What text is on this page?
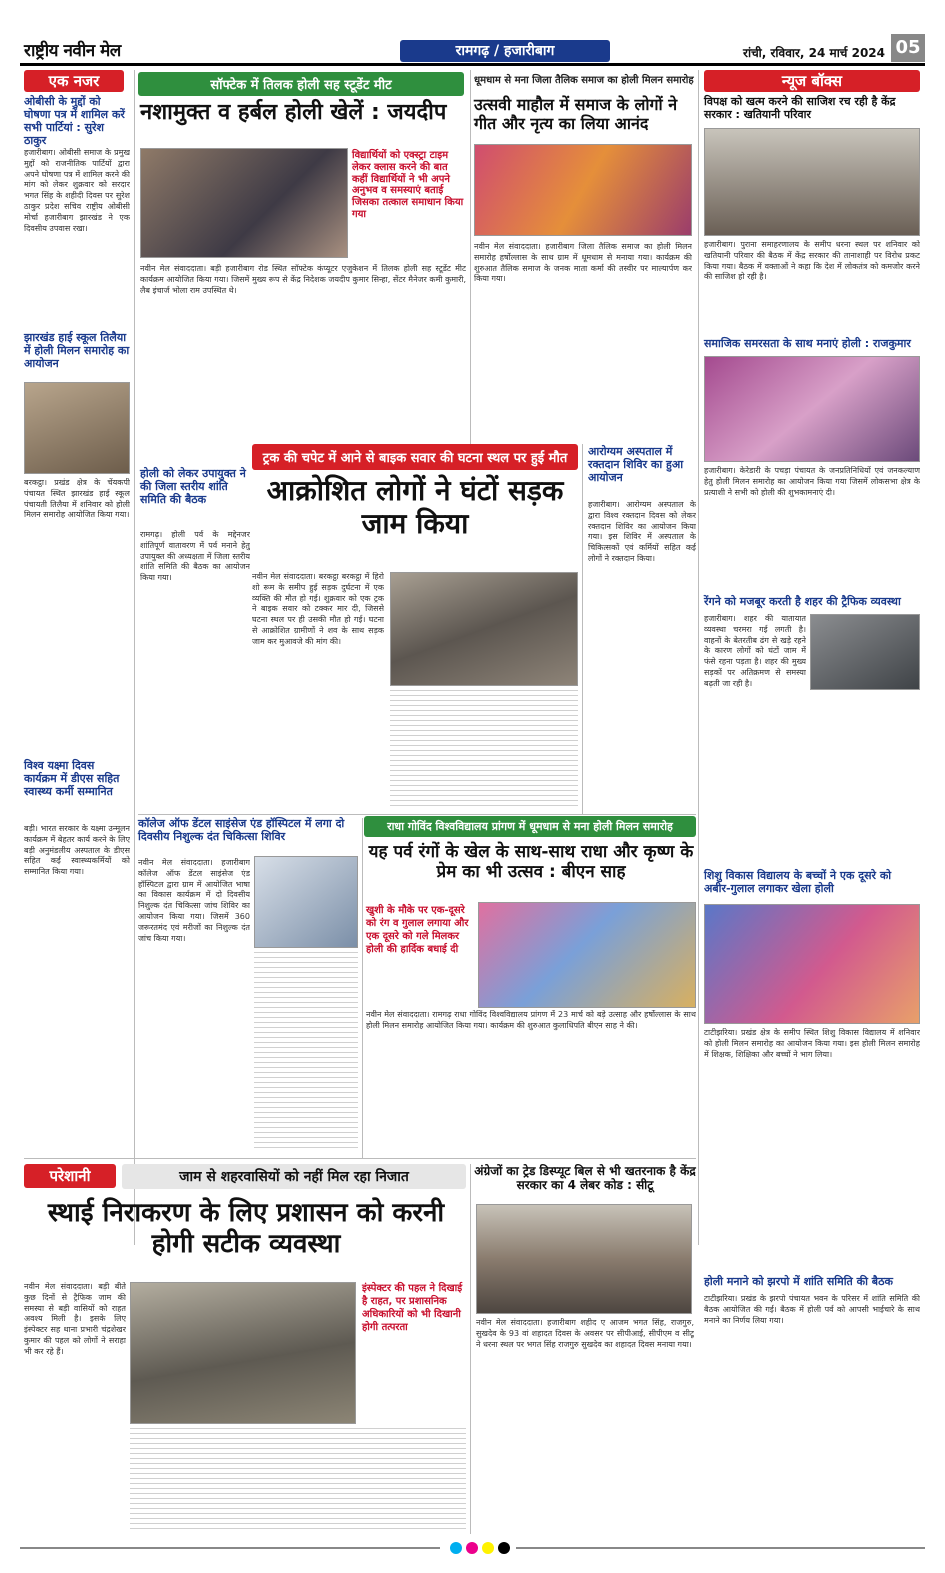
राष्ट्रीय नवीन मेल	रामगढ़ / हजारीबाग	रांची, रविवार, 24 मार्च 2024 05
एक नजर
ओबीसी के मुद्दों को घोषणा पत्र में शामिल करें सभी पार्टियां : सुरेश ठाकुर
हजारीबाग। ओबीसी समाज के प्रमुख मुद्दों को राजनीतिक पार्टियों द्वारा अपने घोषणा पत्र में शामिल करने की मांग को लेकर शुक्रवार को सरदार भगत सिंह के शहीदी दिवस पर सुरेश ठाकुर प्रदेश सचिव राष्ट्रीय ओबीसी मोर्चा हजारीबाग झारखंड ने एक दिवसीय उपवास रखा।
झारखंड हाई स्कूल तिलैया में होली मिलन समारोह का आयोजन
बरकट्ठा। प्रखंड क्षेत्र के चेंयकपी पंचायत स्थित झारखंड हाई स्कूल पंचायती तिलैया में शनिवार को होली मिलन समारोह आयोजित किया गया।
होली को लेकर उपायुक्त ने की जिला स्तरीय शांति समिति की बैठक
रामगढ़। होली पर्व के मद्देनजर शांतिपूर्ण वातावरण में पर्व मनाने हेतु उपायुक्त की अध्यक्षता में जिला स्तरीय शांति समिति की बैठक का आयोजन किया गया।
विश्व यक्ष्मा दिवस कार्यक्रम में डीएस सहित स्वास्थ्य कर्मी सम्मानित
बड़ी। भारत सरकार के यक्ष्मा उन्मूलन कार्यक्रम में बेहतर कार्य करने के लिए बड़ी अनुमंडलीय अस्पताल के डीएस सहित कई स्वास्थ्यकर्मियों को सम्मानित किया गया।
सॉफ्टेक में तिलक होली सह स्टूडेंट मीट
नशामुक्त व हर्बल होली खेलें : जयदीप
विद्यार्थियों को एक्स्ट्रा टाइम लेकर क्लास करने की बात कहीं विद्यार्थियों ने भी अपने अनुभव व समस्याएं बताई जिसका तत्काल समाधान किया गया
नवीन मेल संवाददाता। बड़ी हजारीबाग रोड स्थित सॉफ्टेक कंप्यूटर एजुकेशन में तिलक होली सह स्टूडेंट मीट कार्यक्रम आयोजित किया गया। जिसमें मुख्य रूप से केंद्र निदेशक जयदीप कुमार सिन्हा, सेंटर मैनेजर कमी कुमारी, लैब इंचार्ज भोला राम उपस्थित थे।
धूमधाम से मना जिला तैलिक समाज का होली मिलन समारोह
उत्सवी माहौल में समाज के लोगों ने गीत और नृत्य का लिया आनंद
नवीन मेल संवाददाता। हजारीबाग जिला तैलिक समाज का होली मिलन समारोह हर्षोल्लास के साथ ग्राम में धूमधाम से मनाया गया। कार्यक्रम की शुरुआत तैलिक समाज के जनक माता कर्मा की तस्वीर पर माल्यार्पण कर किया गया।
न्यूज बॉक्स
विपक्ष को खत्म करने की साजिश रच रही है केंद्र सरकार : खतियानी परिवार
हजारीबाग। पुराना समाहरणालय के समीप धरना स्थल पर शनिवार को खतियानी परिवार की बैठक में केंद्र सरकार की तानाशाही पर विरोध प्रकट किया गया। बैठक में वक्ताओं ने कहा कि देश में लोकतंत्र को कमजोर करने की साजिश हो रही है।
समाजिक समरसता के साथ मनाएं होली : राजकुमार
हजारीबाग। केरेडारी के पचड़ा पंचायत के जनप्रतिनिधियों एवं जनकल्याण हेतु होली मिलन समारोह का आयोजन किया गया जिसमें लोकसभा क्षेत्र के प्रत्याशी ने सभी को होली की शुभकामनाएं दी।
रेंगने को मजबूर करती है शहर की ट्रैफिक व्यवस्था
हजारीबाग। शहर की यातायात व्यवस्था चरमरा गई लगती है। वाहनों के बेतरतीब ढंग से खड़े रहने के कारण लोगों को घंटों जाम में फंसे रहना पड़ता है। शहर की मुख्य सड़कों पर अतिक्रमण से समस्या बढ़ती जा रही है।
शिशु विकास विद्यालय के बच्चों ने एक दूसरे को अबीर-गुलाल लगाकर खेला होली
टाटीझरिया। प्रखंड क्षेत्र के समीप स्थित शिशु विकास विद्यालय में शनिवार को होली मिलन समारोह का आयोजन किया गया। इस होली मिलन समारोह में शिक्षक, शिक्षिका और बच्चों ने भाग लिया।
होली मनाने को झरपो में शांति समिति की बैठक
टाटीझरिया। प्रखंड के झरपो पंचायत भवन के परिसर में शांति समिति की बैठक आयोजित की गई। बैठक में होली पर्व को आपसी भाईचारे के साथ मनाने का निर्णय लिया गया।
ट्रक की चपेट में आने से बाइक सवार की घटना स्थल पर हुई मौत
आक्रोशित लोगों ने घंटों सड़क जाम किया
नवीन मेल संवाददाता। बरकट्ठा बरकट्ठा में हिरो शो रूम के समीप हुई सड़क दुर्घटना में एक व्यक्ति की मौत हो गई। शुक्रवार को एक ट्रक ने बाइक सवार को टक्कर मार दी, जिससे घटना स्थल पर ही उसकी मौत हो गई। घटना से आक्रोशित ग्रामीणों ने शव के साथ सड़क जाम कर मुआवजे की मांग की।
आरोग्यम अस्पताल में रक्तदान शिविर का हुआ आयोजन
हजारीबाग। आरोग्यम अस्पताल के द्वारा विश्व रक्तदान दिवस को लेकर रक्तदान शिविर का आयोजन किया गया। इस शिविर में अस्पताल के चिकित्सकों एवं कर्मियों सहित कई लोगों ने रक्तदान किया।
कॉलेज ऑफ डेंटल साइंसेज एंड हॉस्पिटल में लगा दो दिवसीय निशुल्क दंत चिकित्सा शिविर
नवीन मेल संवाददाता। हजारीबाग कॉलेज ऑफ डेंटल साइंसेज एंड हॉस्पिटल द्वारा ग्राम में आयोजित भाषा का विकास कार्यक्रम में दो दिवसीय निशुल्क दंत चिकित्सा जांच शिविर का आयोजन किया गया। जिसमें 360 जरूरतमंद एवं मरीजों का निशुल्क दंत जांच किया गया।
राधा गोविंद विश्वविद्यालय प्रांगण में धूमधाम से मना होली मिलन समारोह
यह पर्व रंगों के खेल के साथ-साथ राधा और कृष्ण के प्रेम का भी उत्सव : बीएन साह
खुशी के मौके पर एक-दूसरे को रंग व गुलाल लगाया और एक दूसरे को गले मिलकर होली की हार्दिक बधाई दी
नवीन मेल संवाददाता। रामगढ़ राधा गोविंद विश्वविद्यालय प्रांगण में 23 मार्च को बड़े उत्साह और हर्षोल्लास के साथ होली मिलन समारोह आयोजित किया गया। कार्यक्रम की शुरुआत कुलाधिपति बीएन साह ने की।
परेशानी	जाम से शहरवासियों को नहीं मिल रहा निजात
स्थाई निराकरण के लिए प्रशासन को करनी होगी सटीक व्यवस्था
नवीन मेल संवाददाता। बड़ी बीते कुछ दिनों से ट्रैफिक जाम की समस्या से बड़ी वासियों को राहत अवश्य मिली है। इसके लिए इंस्पेक्टर सह थाना प्रभारी चंद्रशेखर कुमार की पहल को लोगों ने सराहा भी कर रहे हैं।
इंस्पेक्टर की पहल ने दिखाई है राहत, पर प्रशासनिक अधिकारियों को भी दिखानी होगी तत्परता
अंग्रेजों का ट्रेड डिस्प्यूट बिल से भी खतरनाक है केंद्र सरकार का 4 लेबर कोड : सीटू
नवीन मेल संवाददाता। हजारीबाग शहीद ए आजम भगत सिंह, राजगुरु, सुखदेव के 93 वां शहादत दिवस के अवसर पर सीपीआई, सीपीएम व सीटू ने धरना स्थल पर भगत सिंह राजगुरु सुखदेव का शहादत दिवस मनाया गया।
